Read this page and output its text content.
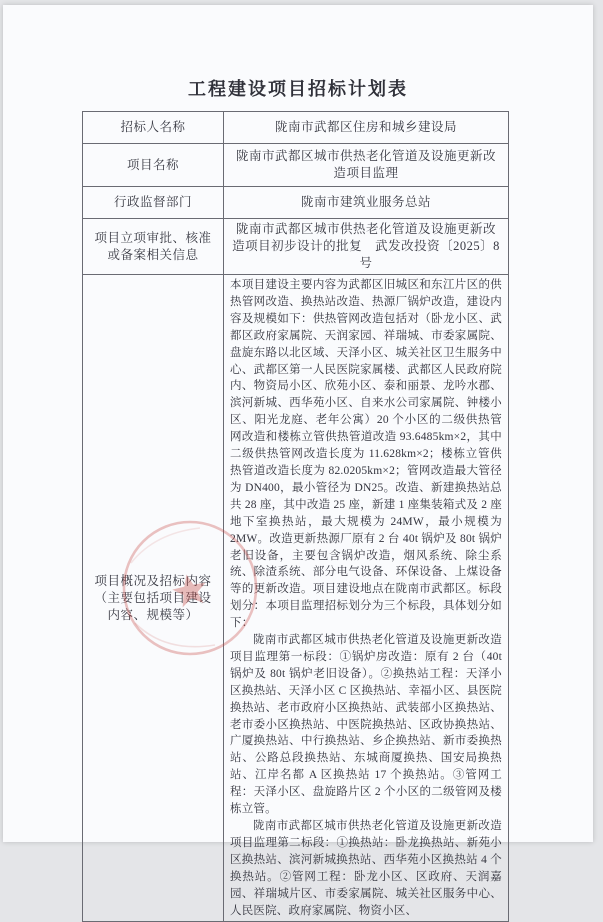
工程建设项目招标计划表
招标人名称	陇南市武都区住房和城乡建设局
项目名称	陇南市武都区城市供热老化管道及设施更新改造项目监理
行政监督部门	陇南市建筑业服务总站
项目立项审批、核准或备案相关信息	陇南市武都区城市供热老化管道及设施更新改造项目初步设计的批复　武发改投资〔2025〕8 号
项目概况及招标内容（主要包括项目建设内容、规模等）	本项目建设主要内容为武都区旧城区和东江片区的供热管网改造、换热站改造、热源厂锅炉改造，建设内容及规模如下：供热管网改造包括对（卧龙小区、武都区政府家属院、天润家园、祥瑞城、市委家属院、盘旋东路以北区域、天泽小区、城关社区卫生服务中心、武都区第一人民医院家属楼、武都区人民政府院内、物资局小区、欣苑小区、泰和丽景、龙吟水郡、滨河新城、西华苑小区、自来水公司家属院、钟楼小区、阳光龙庭、老年公寓）20 个小区的二级供热管网改造和楼栋立管供热管道改造 93.6485km×2，其中二级供热管网改造长度为 11.628km×2；楼栋立管供热管道改造长度为 82.0205km×2；管网改造最大管径为 DN400，最小管径为 DN25。改造、新建换热站总共 28 座，其中改造 25 座，新建 1 座集装箱式及 2 座地下室换热站，最大规模为 24MW，最小规模为 2MW。改造更新热源厂原有 2 台 40t 锅炉及 80t 锅炉老旧设备，主要包含锅炉改造，烟风系统、除尘系统、除渣系统、部分电气设备、环保设备、上煤设备等的更新改造。项目建设地点在陇南市武都区。标段划分：本项目监理招标划分为三个标段，具体划分如下：

陇南市武都区城市供热老化管道及设施更新改造项目监理第一标段：①锅炉房改造：原有 2 台（40t 锅炉及 80t 锅炉老旧设备）。②换热站工程：天泽小区换热站、天泽小区 C 区换热站、幸福小区、县医院换热站、老市政府小区换热站、武装部小区换热站、老市委小区换热站、中医院换热站、区政协换热站、广厦换热站、中行换热站、乡企换热站、新市委换热站、公路总段换热站、东城商厦换热、国安局换热站、江岸名都 A 区换热站 17 个换热站。③管网工程：天泽小区、盘旋路片区 2 个小区的二级管网及楼栋立管。

陇南市武都区城市供热老化管道及设施更新改造项目监理第二标段：①换热站：卧龙换热站、新苑小区换热站、滨河新城换热站、西华苑小区换热站 4 个换热站。②管网工程：卧龙小区、区政府、天润嘉园、祥瑞城片区、市委家属院、城关社区服务中心、人民医院、政府家属院、物资小区、
